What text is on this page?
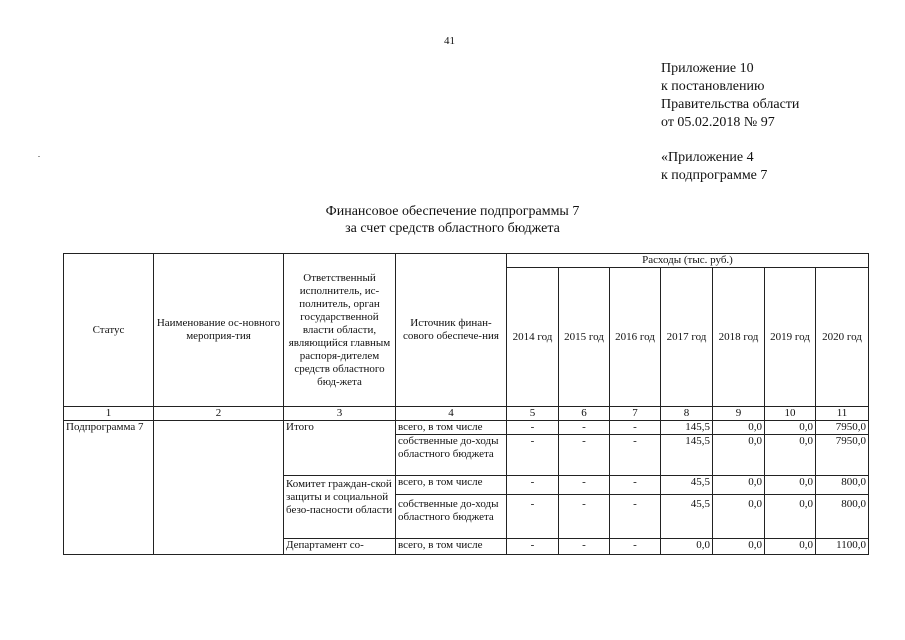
41
Приложение 10
к постановлению
Правительства области
от 05.02.2018 № 97
«Приложение 4
к подпрограмме 7
Финансовое обеспечение подпрограммы 7
за счет средств областного бюджета
Статус	Наименование ос-новного мероприя-тия	Ответственный исполнитель, ис-полнитель, орган государственной власти области, являющийся главным распоря-дителем средств областного бюд-жета	Источник финан-сового обеспече-ния	Расходы (тыс. руб.)						
				2014 год	2015 год	2016 год	2017 год	2018 год	2019 год	2020 год
1	2	3	4	5	6	7	8	9	10	11
Подпрограмма 7		Итого	всего, в том числе	-	-	-	145,5	0,0	0,0	7950,0
			собственные до-ходы областного бюджета	-	-	-	145,5	0,0	0,0	7950,0
		Комитет граждан-ской защиты и социальной безо-пасности области	всего, в том числе	-	-	-	45,5	0,0	0,0	800,0
			собственные до-ходы областного бюджета	-	-	-	45,5	0,0	0,0	800,0
		Департамент со-	всего, в том числе	-	-	-	0,0	0,0	0,0	1100,0
